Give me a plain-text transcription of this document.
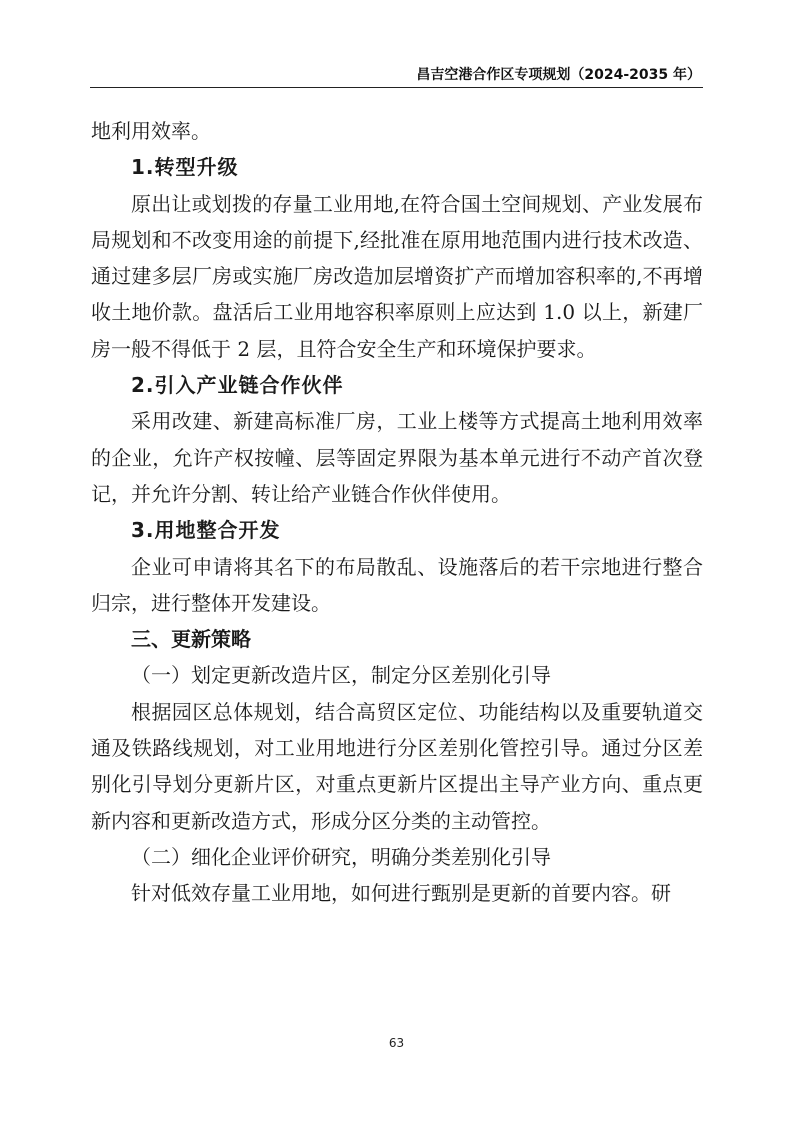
昌吉空港合作区专项规划（2024-2035 年）

地利用效率。

1.转型升级

原出让或划拨的存量工业用地,在符合国土空间规划、产业发展布局规划和不改变用途的前提下,经批准在原用地范围内进行技术改造、通过建多层厂房或实施厂房改造加层增资扩产而增加容积率的,不再增收土地价款。盘活后工业用地容积率原则上应达到 1.0 以上，新建厂房一般不得低于 2 层，且符合安全生产和环境保护要求。

2.引入产业链合作伙伴

采用改建、新建高标准厂房，工业上楼等方式提高土地利用效率的企业，允许产权按幢、层等固定界限为基本单元进行不动产首次登记，并允许分割、转让给产业链合作伙伴使用。

3.用地整合开发

企业可申请将其名下的布局散乱、设施落后的若干宗地进行整合归宗，进行整体开发建设。

三、更新策略

（一）划定更新改造片区，制定分区差别化引导

根据园区总体规划，结合高贸区定位、功能结构以及重要轨道交通及铁路线规划，对工业用地进行分区差别化管控引导。通过分区差别化引导划分更新片区，对重点更新片区提出主导产业方向、重点更新内容和更新改造方式，形成分区分类的主动管控。

（二）细化企业评价研究，明确分类差别化引导

针对低效存量工业用地，如何进行甄别是更新的首要内容。研

63
